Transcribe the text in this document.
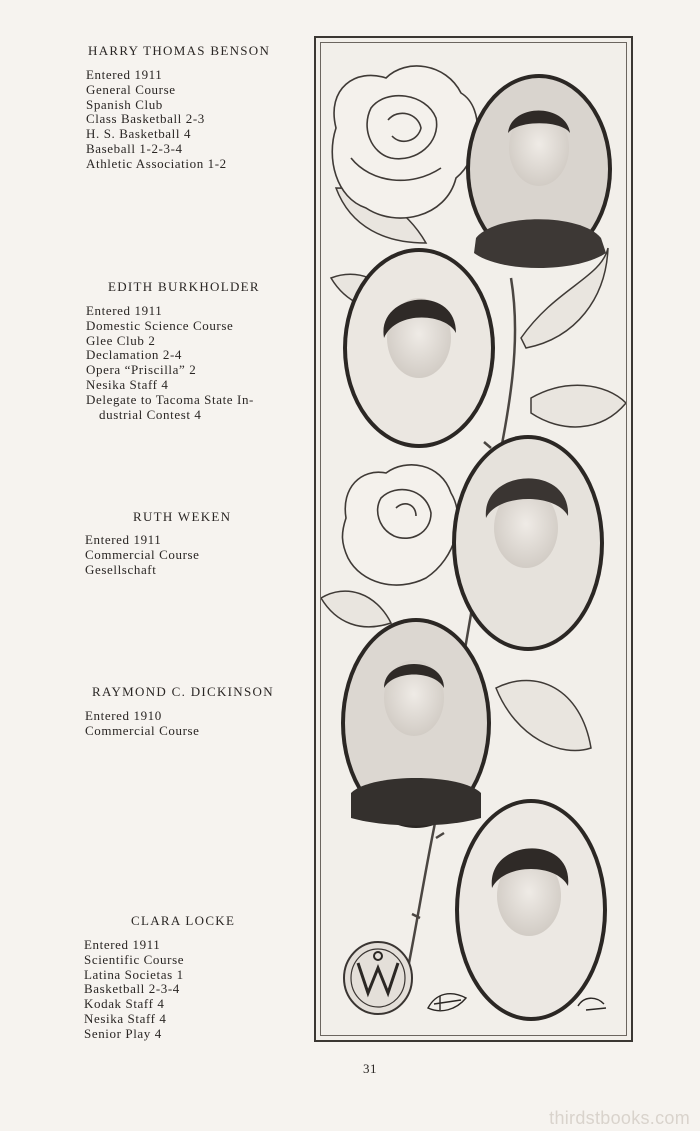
HARRY THOMAS BENSON
Entered 1911
General Course
Spanish Club
Class Basketball 2-3
H. S. Basketball 4
Baseball 1-2-3-4
Athletic Association 1-2
EDITH BURKHOLDER
Entered 1911
Domestic Science Course
Glee Club 2
Declamation 2-4
Opera “Priscilla” 2
Nesika Staff 4
Delegate to Tacoma State In-
dustrial Contest 4
RUTH WEKEN
Entered 1911
Commercial Course
Gesellschaft
RAYMOND C. DICKINSON
Entered 1910
Commercial Course
CLARA LOCKE
Entered 1911
Scientific Course
Latina Societas 1
Basketball 2-3-4
Kodak Staff 4
Nesika Staff 4
Senior Play 4
31
thirdstbooks.com
